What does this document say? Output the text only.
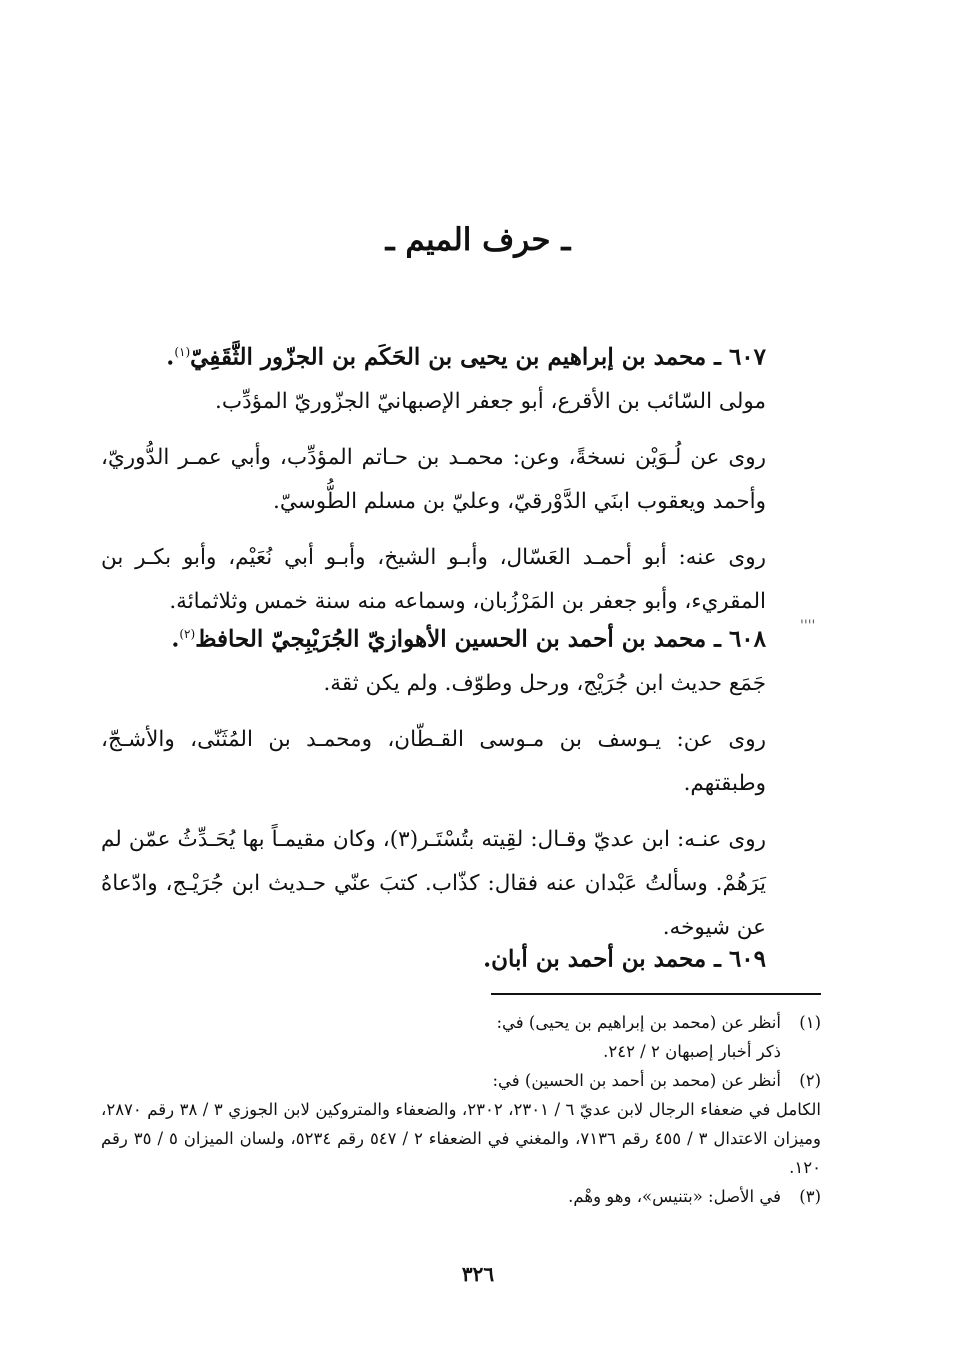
ـ حرف الميم ـ
''''

٦٠٧ ـ محمد بن إبراهيم بن يحيى بن الحَكَم بن الجزّور الثَّقَفِيّ$^{(١)}$.

مولى السّائب بن الأقرع، أبو جعفر الإصبهانيّ الجزّوريّ المؤدِّب.

روى عن لُـوَيْن نسخةً، وعن: محمـد بن حـاتم المؤدِّب، وأبي عمـر الدُّوريّ، وأحمد ويعقوب ابنَي الدَّوْرقيّ، وعليّ بن مسلم الطُّوسيّ.

روى عنه: أبو أحمـد العَسّال، وأبـو الشيخ، وأبـو أبي نُعَيْم، وأبو بكـر بن المقريء، وأبو جعفر بن المَرْزُبان، وسماعه منه سنة خمس وثلاثمائة.

٦٠٨ ـ محمد بن أحمد بن الحسين الأهوازيّ الجُرَيْبِجيّ الحافظ$^{(٢)}$.

جَمَع حديث ابن جُرَيْج، ورحل وطوّف. ولم يكن ثقة.

روى عن: يـوسف بن مـوسى القـطّان، ومحمـد بن المُثَنّى، والأشـجّ، وطبقتهم.

روى عنـه: ابن عديّ وقـال: لقِيته بتُسْتَـر(٣)، وكان مقيمـاً بها يُحَـدِّثُ عمّن لم يَرَهُمْ. وسألتُ عَبْدان عنه فقال: كذّاب. كتبَ عنّي حـديث ابن جُرَيْـج، وادّعاهُ عن شيوخه.

٦٠٩ ـ محمد بن أحمد بن أبان.

(١)
أنظر عن (محمد بن إبراهيم بن يحيى) في:
ذكر أخبار إصبهان ٢ / ٢٤٢.
(٢)
أنظر عن (محمد بن أحمد بن الحسين) في:
الكامل في ضعفاء الرجال لابن عديّ ٦ / ٢٣٠١، ٢٣٠٢، والضعفاء والمتروكين لابن الجوزي ٣ / ٣٨ رقم ٢٨٧٠، وميزان الاعتدال ٣ / ٤٥٥ رقم ٧١٣٦، والمغني في الضعفاء ٢ / ٥٤٧ رقم ٥٢٣٤، ولسان الميزان ٥ / ٣٥ رقم ١٢٠.
(٣)
في الأصل: «بتنيس»، وهو وهْم.
٣٢٦
